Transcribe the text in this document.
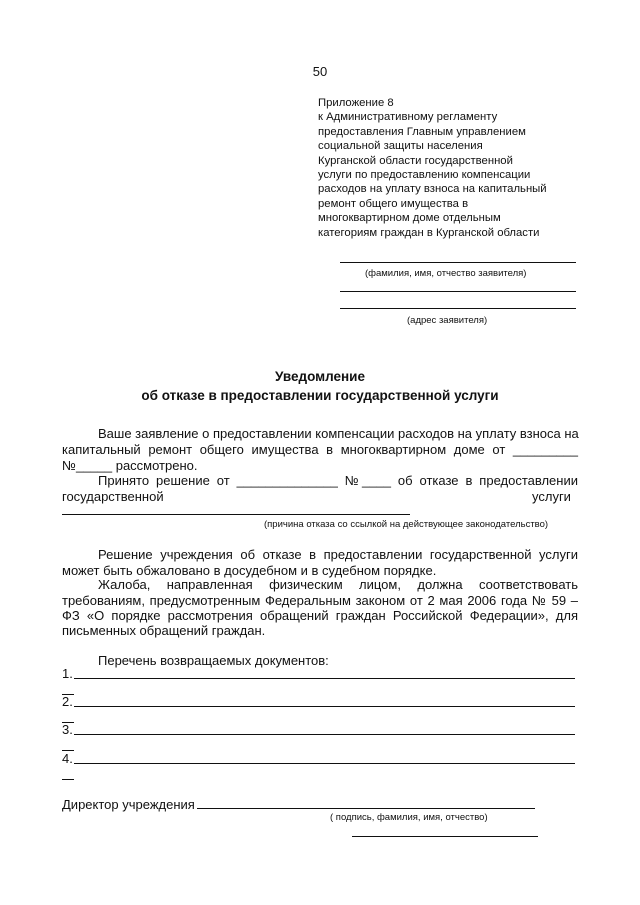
50
Приложение 8
к Административному регламенту
предоставления Главным управлением
социальной защиты населения
Курганской области государственной
услуги по предоставлению компенсации
расходов на уплату взноса на капитальный
ремонт общего имущества в
многоквартирном доме отдельным
категориям граждан в Курганской области
(фамилия, имя, отчество заявителя)
(адрес заявителя)
Уведомление
об отказе в предоставлении государственной услуги
Ваше заявление о предоставлении компенсации расходов на уплату взноса на
капитальный ремонт общего имущества в многоквартирном доме от _________
№_____ рассмотрено.
Принято решение от ______________ №____ об отказе в предоставлении
государственной	услуги
(причина отказа со ссылкой на действующее законодательство)
Решение учреждения об отказе в предоставлении государственной услуги
может быть обжаловано в досудебном и в судебном порядке.
Жалоба, направленная физическим лицом, должна соответствовать
требованиям, предусмотренным Федеральным законом от 2 мая 2006 года № 59 –
ФЗ «О порядке рассмотрения обращений граждан Российской Федерации», для
письменных обращений граждан.
Перечень возвращаемых документов:
1.
2.
3.
4.
Директор учреждения
( подпись, фамилия, имя, отчество)
